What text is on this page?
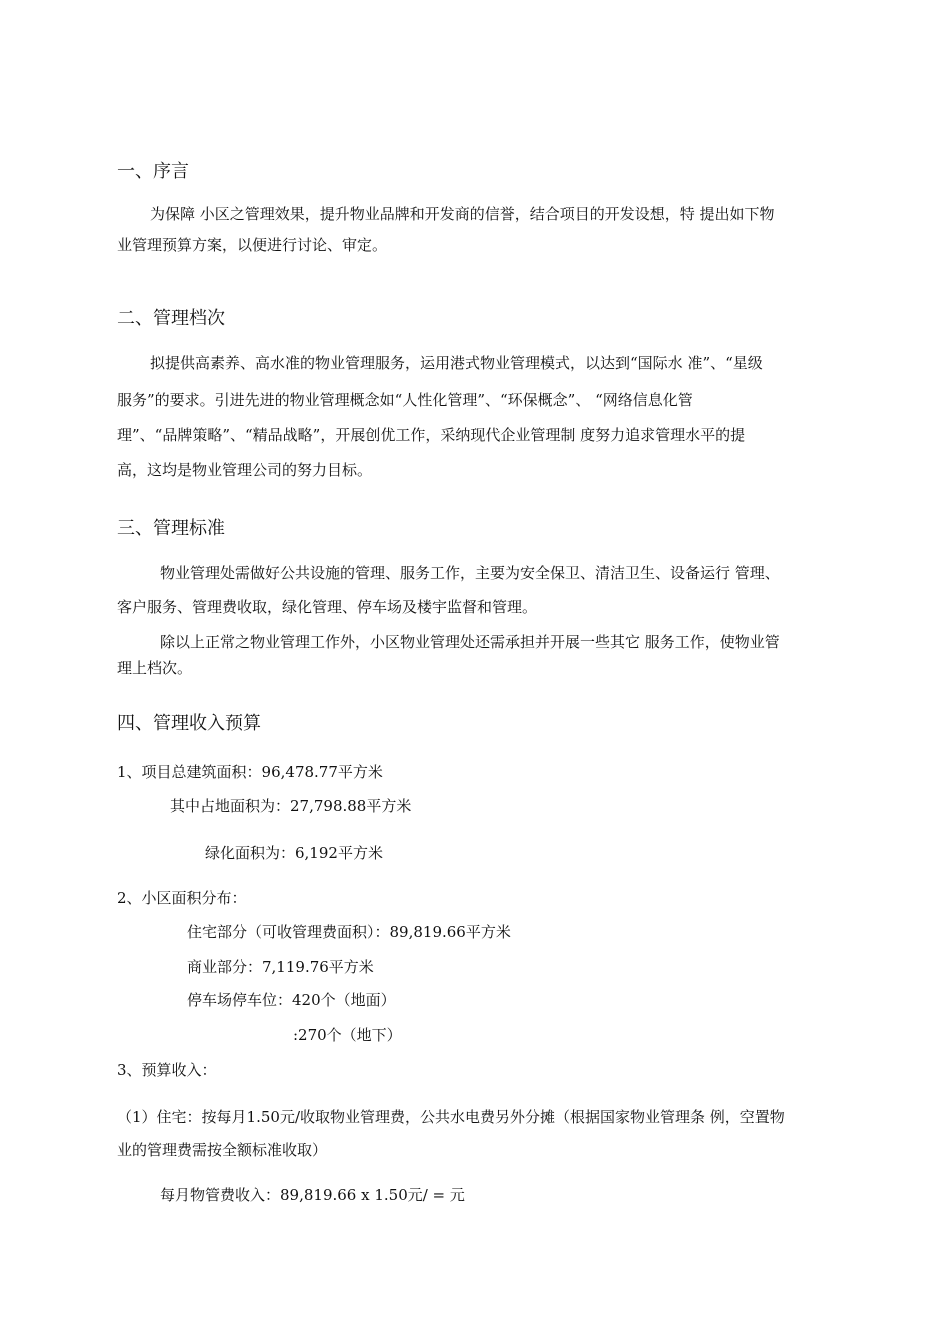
一、序言
为保障 小区之管理效果，提升物业品牌和开发商的信誉，结合项目的开发设想，特 提出如下物
业管理预算方案，以便进行讨论、审定。
二、管理档次
拟提供高素养、高水准的物业管理服务，运用港式物业管理模式，以达到“国际水 准”、“星级
服务”的要求。引进先进的物业管理概念如“人性化管理”、“环保概念”、 “网络信息化管
理”、“品牌策略”、“精品战略”，开展创优工作，采纳现代企业管理制 度努力追求管理水平的提
高，这均是物业管理公司的努力目标。
三、管理标准
物业管理处需做好公共设施的管理、服务工作，主要为安全保卫、清洁卫生、设备运行 管理、
客户服务、管理费收取，绿化管理、停车场及楼宇监督和管理。
除以上正常之物业管理工作外，小区物业管理处还需承担并开展一些其它 服务工作，使物业管
理上档次。
四、管理收入预算
1、项目总建筑面积：96,478.77平方米
其中占地面积为：27,798.88平方米
绿化面积为：6,192平方米
2、小区面积分布：
住宅部分（可收管理费面积）：89,819.66平方米
商业部分：7,119.76平方米
停车场停车位：420个（地面）
:270个（地下）
3、预算收入：
（1）住宅：按每月1.50元/收取物业管理费，公共水电费另外分摊（根据国家物业管理条 例，空置物
业的管理费需按全额标准收取）
每月物管费收入：89,819.66 x 1.50元/ = 元
